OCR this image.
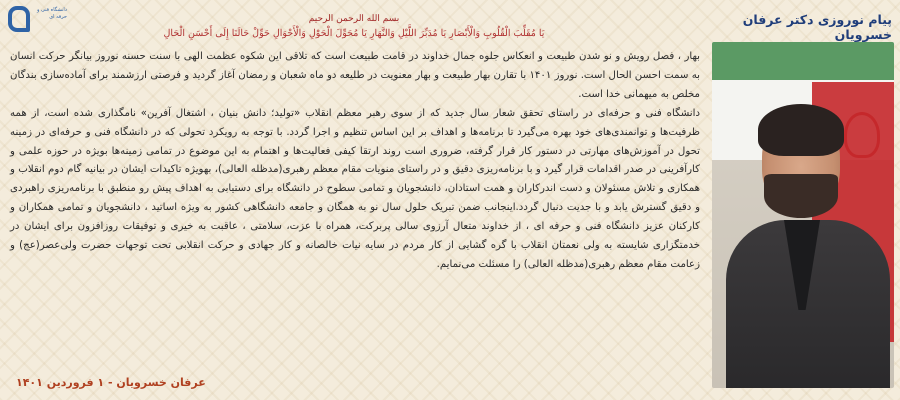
دانشگاه فنی و حرفه ای	بسم الله الرحمن الرحیم
یَا مُقَلِّبَ الْقُلُوبِ وَالْأَبْصَارِ یَا مُدَبِّرَ اللَّیْلِ وَالنَّهَارِ یَا مُحَوِّلَ الْحَوْلِ وَالْأَحْوَالِ حَوِّلْ حَالَنَا إِلَى أَحْسَنِ الْحَالِ
پیام نوروزی دکتر عرفان خسرویان

بهار ، فصل رویش و نو شدن طبیعت و انعکاس جلوه جمال خداوند در قامت طبیعت است که تلاقی این شکوه عظمت الهی با سنت حسنه نوروز بیانگر حرکت انسان به سمت احسن الحال است. نوروز ۱۴۰۱ با تقارن بهار طبیعت و بهار معنویت در طلیعه دو ماه شعبان و رمضان آغاز گردید و فرصتی ارزشمند برای آماده‌سازی بندگان مخلص به میهمانی خدا است.

دانشگاه فنی و حرفه‌ای در راستای تحقق شعار سال جدید که از سوی رهبر معظم انقلاب «تولید؛ دانش بنیان ، اشتغال آفرین» نامگذاری شده است، از همه ظرفیت‌ها و توانمندی‌های خود بهره می‌گیرد تا برنامه‌ها و اهداف بر این اساس تنظیم و اجرا گردد. با توجه به رویکرد تحولی که در دانشگاه فنی و حرفه‌ای در زمینه تحول در آموزش‌های مهارتی در دستور کار قرار گرفته، ضروری است روند ارتقا کیفی فعالیت‌ها و اهتمام به این موضوع در تمامی زمینه‌ها بویژه در حوزه علمی و کارآفرینی در صدر اقدامات قرار گیرد و با برنامه‌ریزی دقیق و در راستای منویات مقام معظم رهبری(مدظله العالی)، بهویژه تاکیدات ایشان در بیانیه گام دوم انقلاب و همکاری و تلاش مسئولان و دست اندرکاران و همت استادان، دانشجویان و تمامی سطوح در دانشگاه برای دستیابی به اهداف پیش رو منطبق با برنامه‌ریزی راهبردی و دقیق گسترش یابد و با جدیت دنبال گردد.اینجانب ضمن تبریک حلول سال نو به همگان و جامعه دانشگاهی کشور به ویژه اساتید ، دانشجویان و تمامی همکاران و کارکنان عزیز دانشگاه فنی و حرفه ای ، از خداوند متعال آرزوی سالی پربرکت، همراه با عزت، سلامتی ، عاقبت به خیری و توفیقات روزافزون برای ایشان در خدمتگزاری شایسته به ولی نعمتان انقلاب با گره گشایی از کار مردم در سایه نیات خالصانه و کار جهادی و حرکت انقلابی تحت توجهات حضرت ولی‌عصر(عج) و زعامت مقام معظم رهبری(مدظله العالی) را مسئلت می‌نمایم.

عرفان خسرویان - ۱ فروردین ۱۴۰۱
